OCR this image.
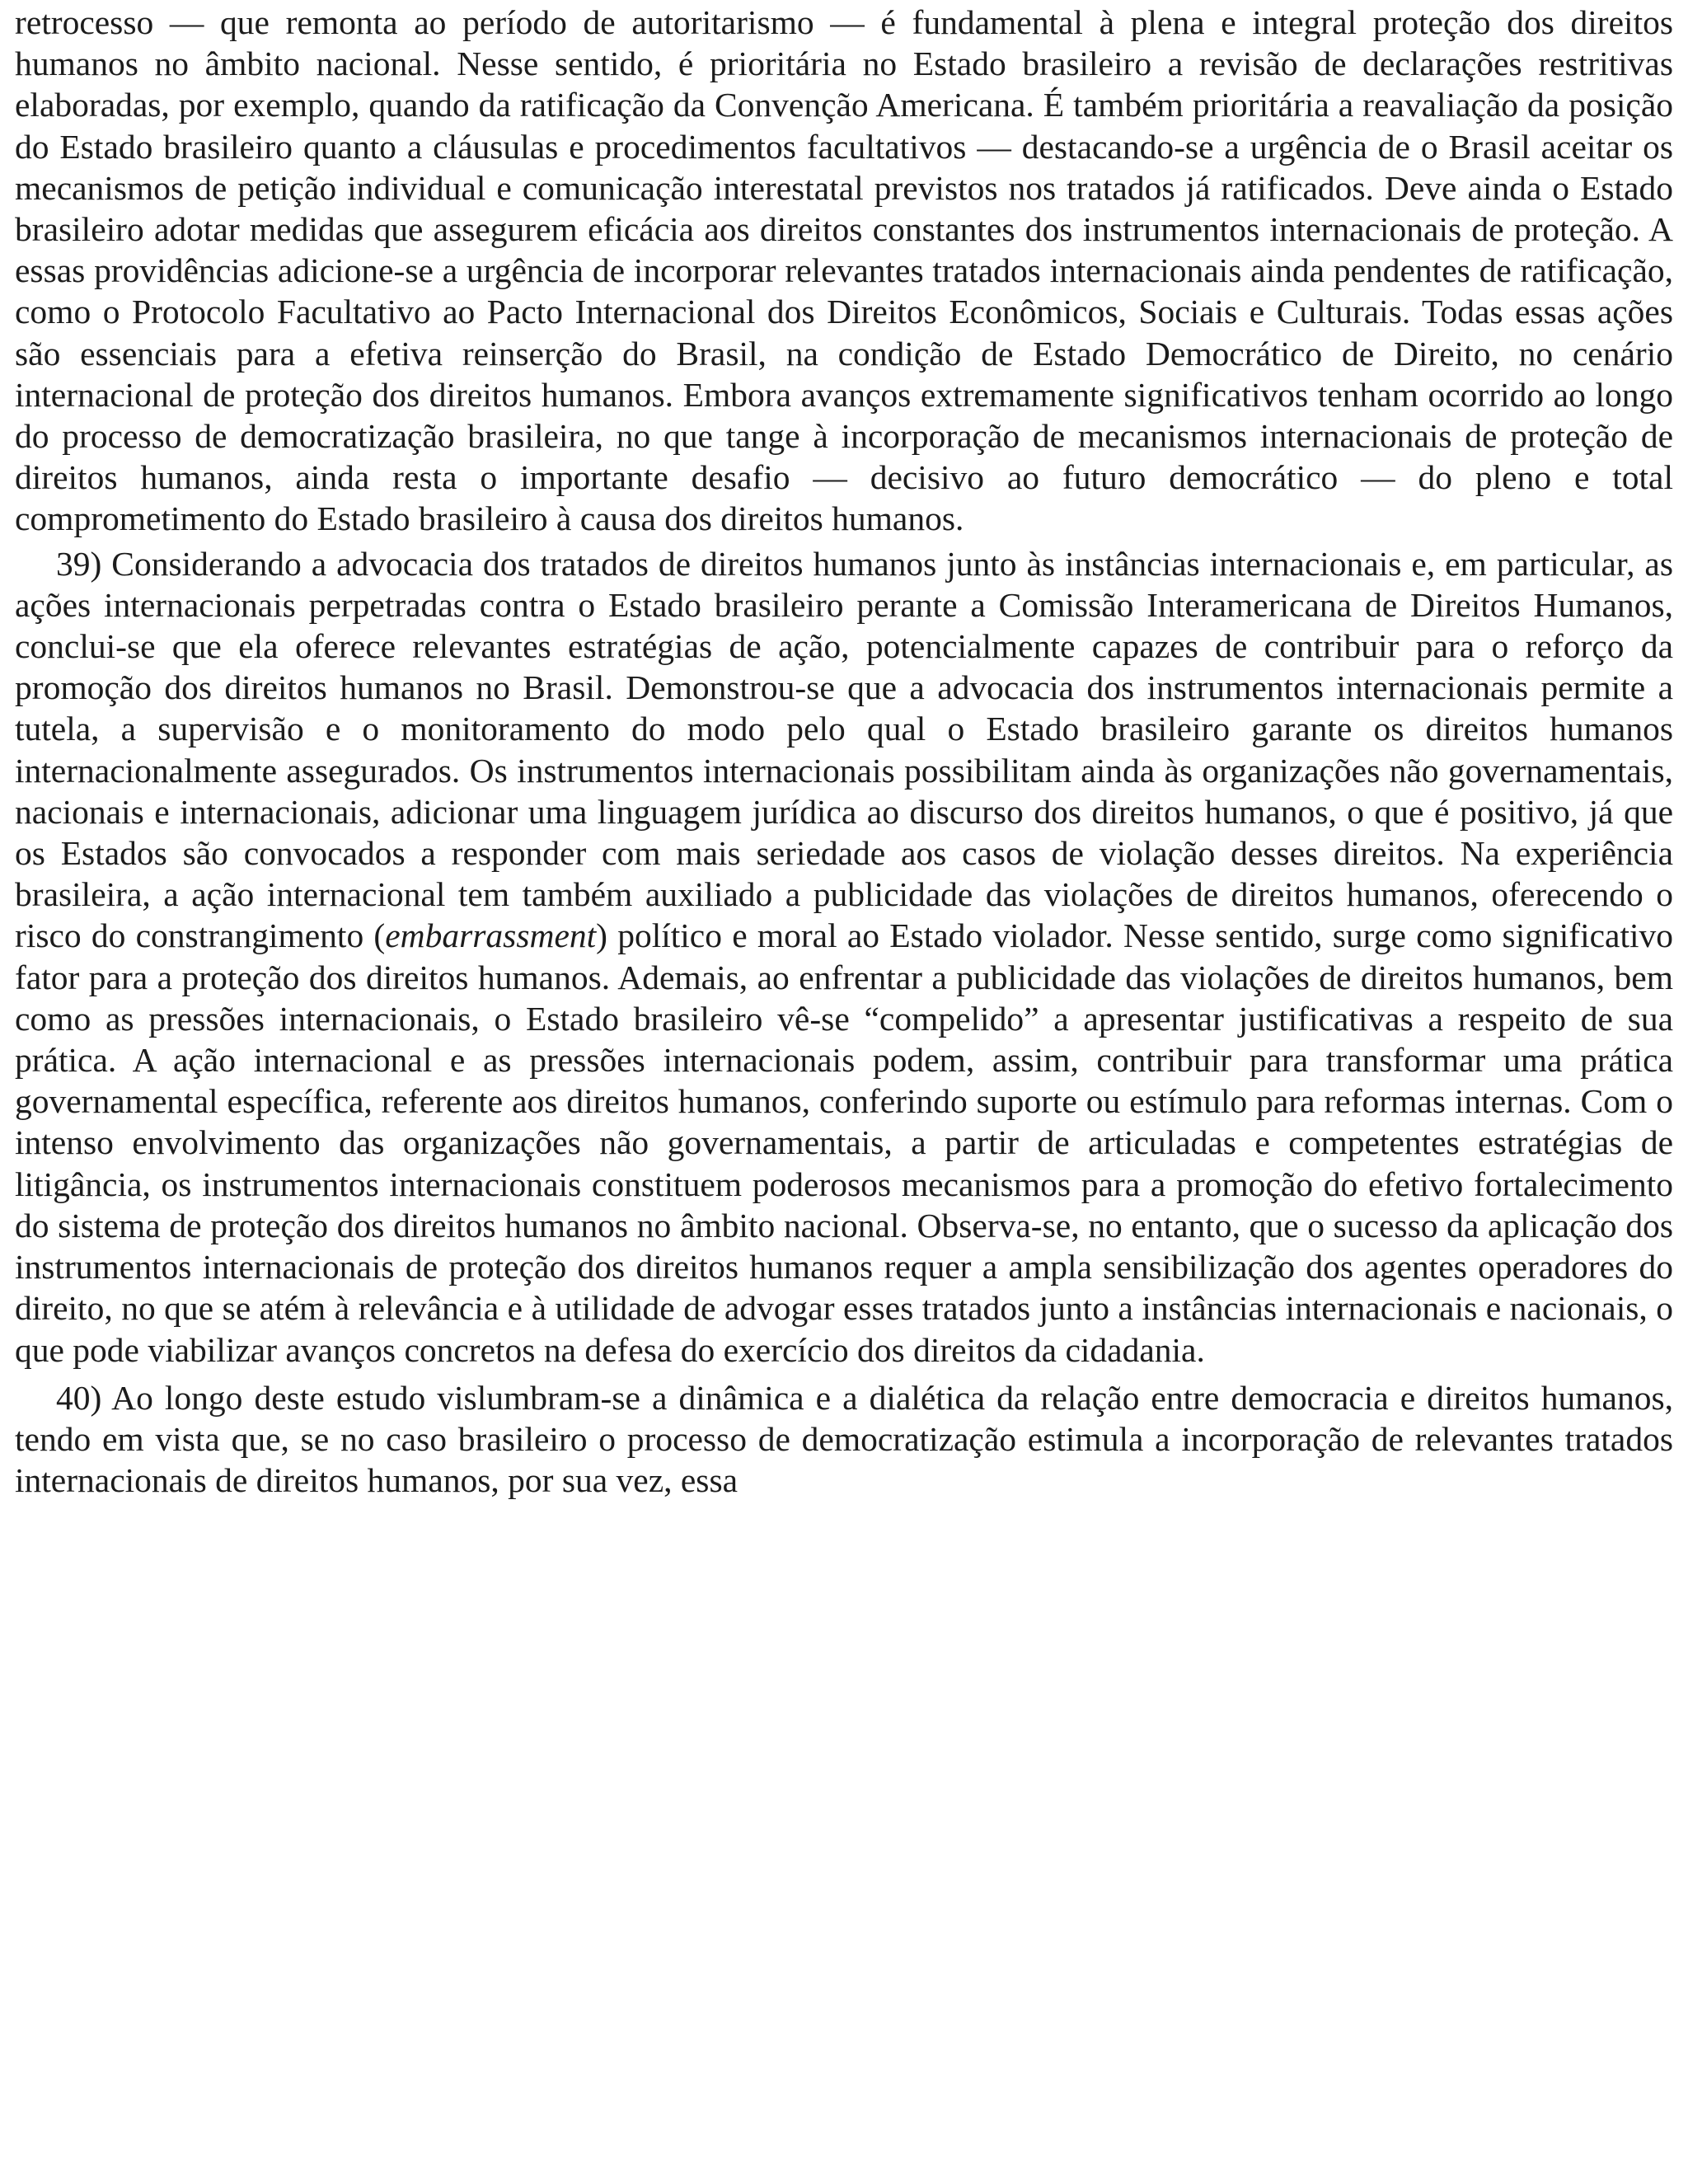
retrocesso — que remonta ao período de autoritarismo — é fundamental à plena e integral proteção dos direitos humanos no âmbito nacional. Nesse sentido, é prioritária no Estado brasileiro a revisão de declarações restritivas elaboradas, por exemplo, quando da ratificação da Convenção Americana. É também prioritária a reavaliação da posição do Estado brasileiro quanto a cláusulas e procedimentos facultativos — destacando-se a urgência de o Brasil aceitar os mecanismos de petição individual e comunicação interestatal previstos nos tratados já ratificados. Deve ainda o Estado brasileiro adotar medidas que assegurem eficácia aos direitos constantes dos instrumentos internacionais de proteção. A essas providências adicione-se a urgência de incorporar relevantes tratados internacionais ainda pendentes de ratificação, como o Protocolo Facultativo ao Pacto Internacional dos Direitos Econômicos, Sociais e Culturais. Todas essas ações são essenciais para a efetiva reinserção do Brasil, na condição de Estado Democrático de Direito, no cenário internacional de proteção dos direitos humanos. Embora avanços extremamente significativos tenham ocorrido ao longo do processo de democratização brasileira, no que tange à incorporação de mecanismos internacionais de proteção de direitos humanos, ainda resta o importante desafio — decisivo ao futuro democrático — do pleno e total comprometimento do Estado brasileiro à causa dos direitos humanos.

39) Considerando a advocacia dos tratados de direitos humanos junto às instâncias internacionais e, em particular, as ações internacionais perpetradas contra o Estado brasileiro perante a Comissão Interamericana de Direitos Humanos, conclui-se que ela oferece relevantes estratégias de ação, potencialmente capazes de contribuir para o reforço da promoção dos direitos humanos no Brasil. Demonstrou-se que a advocacia dos instrumentos internacionais permite a tutela, a supervisão e o monitoramento do modo pelo qual o Estado brasileiro garante os direitos humanos internacionalmente assegurados. Os instrumentos internacionais possibilitam ainda às organizações não governamentais, nacionais e internacionais, adicionar uma linguagem jurídica ao discurso dos direitos humanos, o que é positivo, já que os Estados são convocados a responder com mais seriedade aos casos de violação desses direitos. Na experiência brasileira, a ação internacional tem também auxiliado a publicidade das violações de direitos humanos, oferecendo o risco do constrangimento (embarrassment) político e moral ao Estado violador. Nesse sentido, surge como significativo fator para a proteção dos direitos humanos. Ademais, ao enfrentar a publicidade das violações de direitos humanos, bem como as pressões internacionais, o Estado brasileiro vê-se “compelido” a apresentar justificativas a respeito de sua prática. A ação internacional e as pressões internacionais podem, assim, contribuir para transformar uma prática governamental específica, referente aos direitos humanos, conferindo suporte ou estímulo para reformas internas. Com o intenso envolvimento das organizações não governamentais, a partir de articuladas e competentes estratégias de litigância, os instrumentos internacionais constituem poderosos mecanismos para a promoção do efetivo fortalecimento do sistema de proteção dos direitos humanos no âmbito nacional. Observa-se, no entanto, que o sucesso da aplicação dos instrumentos internacionais de proteção dos direitos humanos requer a ampla sensibilização dos agentes operadores do direito, no que se atém à relevância e à utilidade de advogar esses tratados junto a instâncias internacionais e nacionais, o que pode viabilizar avanços concretos na defesa do exercício dos direitos da cidadania.

40) Ao longo deste estudo vislumbram-se a dinâmica e a dialética da relação entre democracia e direitos humanos, tendo em vista que, se no caso brasileiro o processo de democratização estimula a incorporação de relevantes tratados internacionais de direitos humanos, por sua vez, essa
